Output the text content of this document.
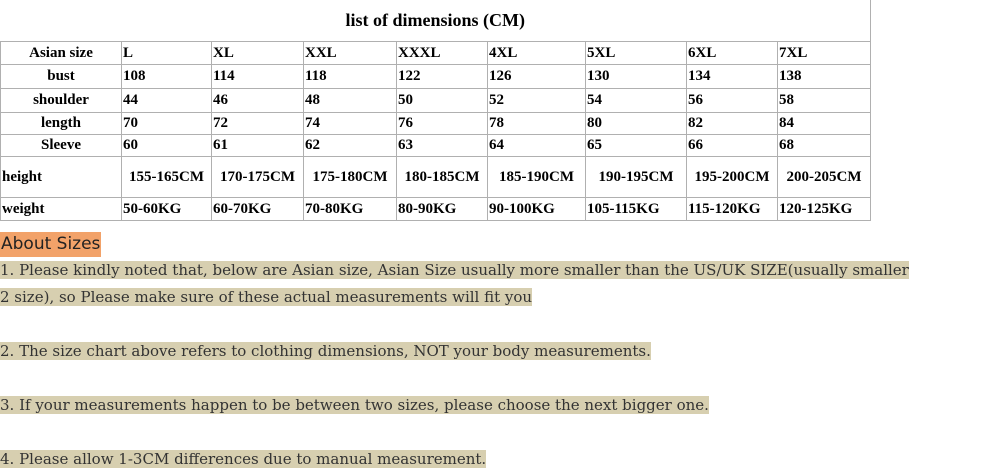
list of dimensions (CM)								
Asian size	L	XL	XXL	XXXL	4XL	5XL	6XL	7XL
bust	108	114	118	122	126	130	134	138
shoulder	44	46	48	50	52	54	56	58
length	70	72	74	76	78	80	82	84
Sleeve	60	61	62	63	64	65	66	68
height	155-165CM	170-175CM	175-180CM	180-185CM	185-190CM	190-195CM	195-200CM	200-205CM
weight	50-60KG	60-70KG	70-80KG	80-90KG	90-100KG	105-115KG	115-120KG	120-125KG
About Sizes
1. Please kindly noted that, below are Asian size, Asian Size usually more smaller than the US/UK SIZE(usually smaller
2 size), so Please make sure of these actual measurements will fit you
2. The size chart above refers to clothing dimensions, NOT your body measurements.
3. If your measurements happen to be between two sizes, please choose the next bigger one.
4. Please allow 1-3CM differences due to manual measurement.
